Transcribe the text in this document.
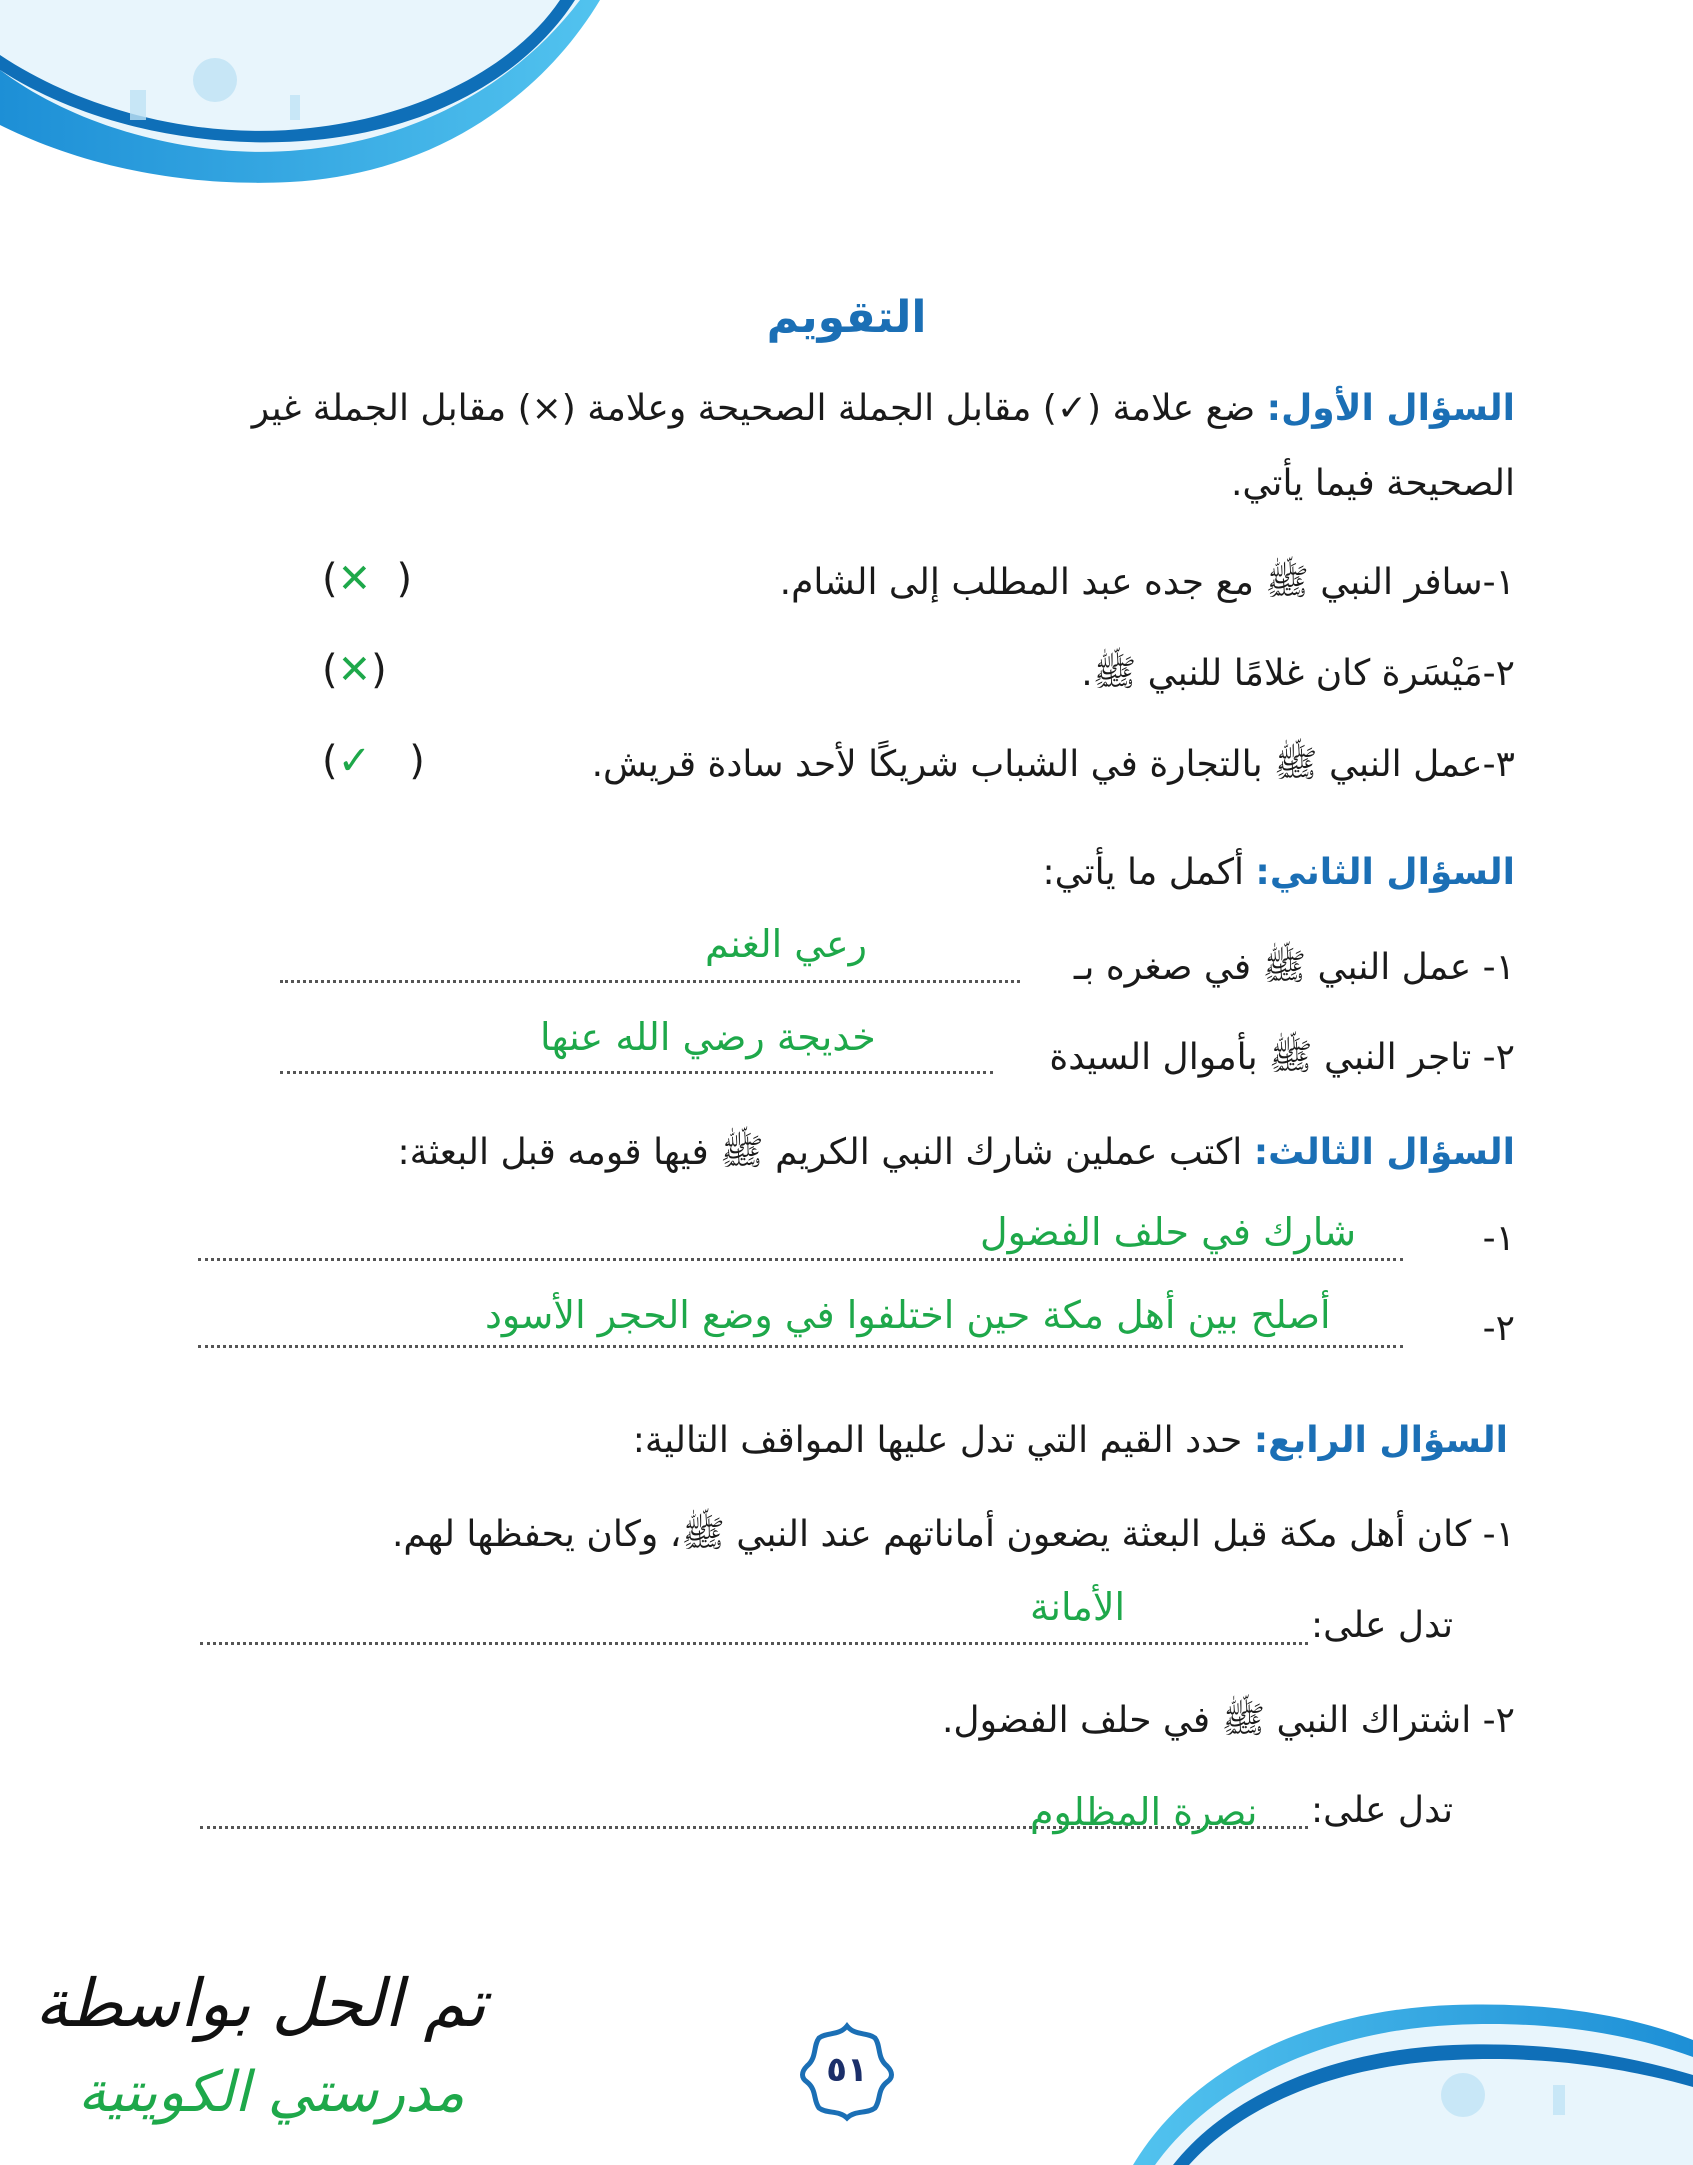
التقويم
السؤال الأول: ضع علامة (✓) مقابل الجملة الصحيحة وعلامة (×) مقابل الجملة غير
الصحيحة فيما يأتي.
١-سافر النبي ﷺ مع جده عبد المطلب إلى الشام.
(✕  )
٢-مَيْسَرة كان غلامًا للنبي ﷺ.
(✕)
٣-عمل النبي ﷺ بالتجارة في الشباب شريكًا لأحد سادة قريش.
(✓   )
السؤال الثاني: أكمل ما يأتي:
١- عمل النبي ﷺ في صغره بـ
رعي الغنم
٢- تاجر النبي ﷺ بأموال السيدة
خديجة رضي الله عنها
السؤال الثالث: اكتب عملين شارك النبي الكريم ﷺ فيها قومه قبل البعثة:
١-
شارك في حلف الفضول
٢-
أصلح بين أهل مكة حين اختلفوا في وضع الحجر الأسود
السؤال الرابع: حدد القيم التي تدل عليها المواقف التالية:
١- كان أهل مكة قبل البعثة يضعون أماناتهم عند النبي ﷺ، وكان يحفظها لهم.
تدل على:
الأمانة
٢- اشتراك النبي ﷺ في حلف الفضول.
تدل على:
نصرة المظلوم
تم الحل بواسطة
مدرستي الكويتية	٥١
